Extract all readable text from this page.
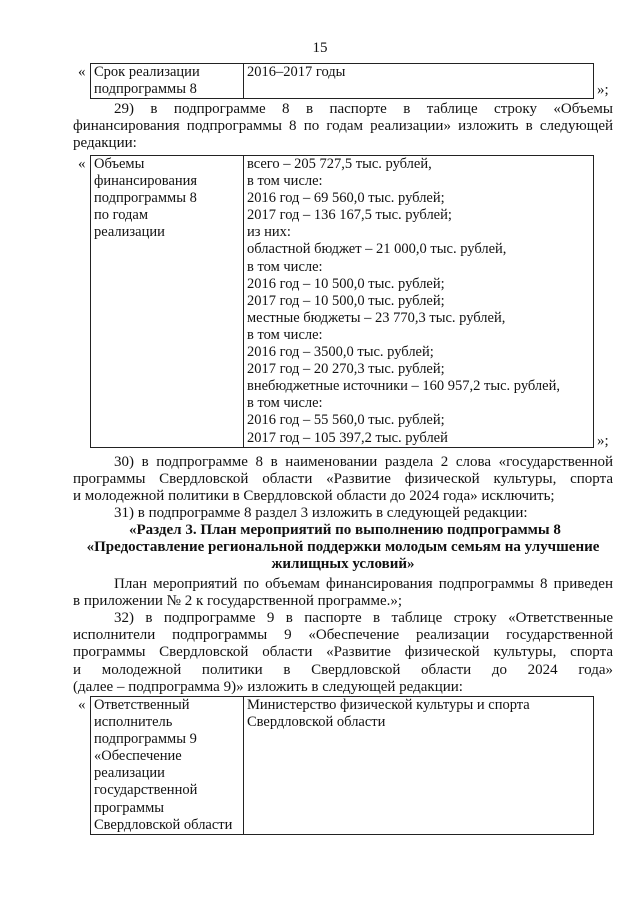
15
« Срок реализации
подпрограммы 8
	2016–2017 годы
»;
29) в подпрограмме 8 в паспорте в таблице строку «Объемы
финансирования подпрограммы 8 по годам реализации» изложить в следующей
редакции:
« Объемы
финансирования
подпрограммы 8
по годам
реализации

всего – 205 727,5 тыс. рублей,
в том числе:
2016 год – 69 560,0 тыс. рублей;
2017 год – 136 167,5 тыс. рублей;
из них:
областной бюджет – 21 000,0 тыс. рублей,
в том числе:
2016 год – 10 500,0 тыс. рублей;
2017 год – 10 500,0 тыс. рублей;
местные бюджеты – 23 770,3 тыс. рублей,
в том числе:
2016 год – 3500,0 тыс. рублей;
2017 год – 20 270,3 тыс. рублей;
внебюджетные источники – 160 957,2 тыс. рублей,
в том числе:
2016 год – 55 560,0 тыс. рублей;
2017 год – 105 397,2 тыс. рублей	»;
30) в подпрограмме 8 в наименовании раздела 2 слова «государственной
программы Свердловской области «Развитие физической культуры, спорта
и молодежной политики в Свердловской области до 2024 года» исключить;
31) в подпрограмме 8 раздел 3 изложить в следующей редакции:
«Раздел 3. План мероприятий по выполнению подпрограммы 8
«Предоставление региональной поддержки молодым семьям на улучшение
жилищных условий»
План мероприятий по объемам финансирования подпрограммы 8 приведен
в приложении № 2 к государственной программе.»;
32) в подпрограмме 9 в паспорте в таблице строку «Ответственные
исполнители подпрограммы 9 «Обеспечение реализации государственной
программы Свердловской области «Развитие физической культуры, спорта
и молодежной политики в Свердловской области до 2024 года»
(далее – подпрограмма 9)» изложить в следующей редакции:
« Ответственный
исполнитель
подпрограммы 9
«Обеспечение
реализации
государственной
программы
Свердловской области

Министерство физической культуры и спорта
Свердловской области
